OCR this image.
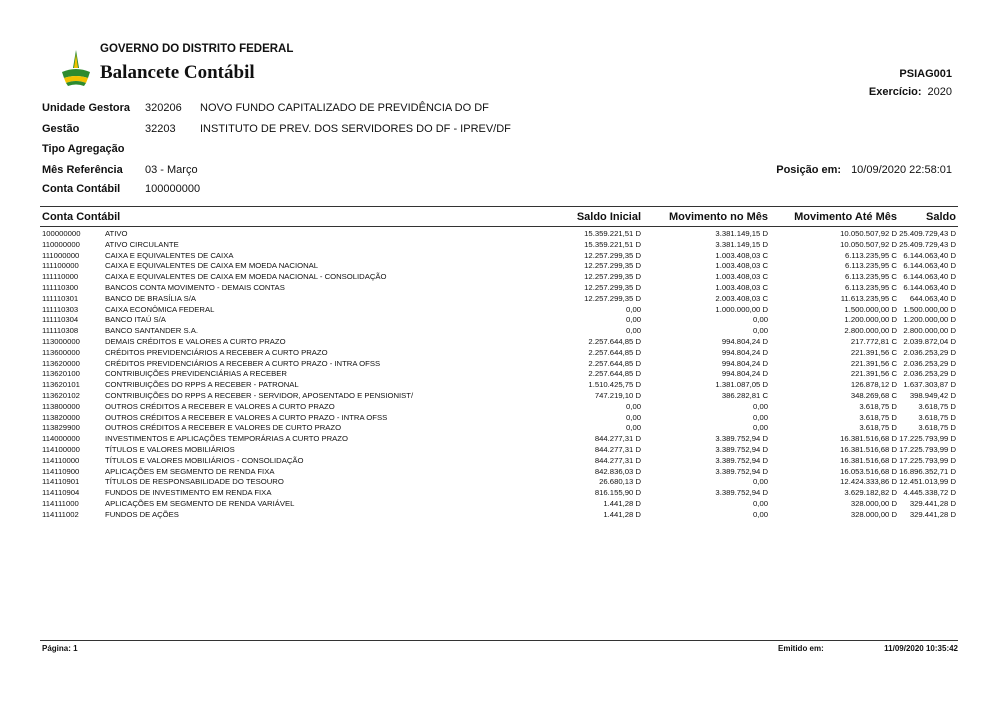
GOVERNO DO DISTRITO FEDERAL
Balancete Contábil	PSIAG001
Exercício: 2020
Unidade Gestora 320206 NOVO FUNDO CAPITALIZADO DE PREVIDÊNCIA DO DF
Gestão	32203 INSTITUTO DE PREV. DOS SERVIDORES DO DF - IPREV/DF
Tipo Agregação
Mês Referência 03 - Março	Posição em: 10/09/2020 22:58:01
Conta Contábil 100000000
Conta Contábil	Saldo Inicial	Movimento no Mês	Movimento Até Mês	Saldo
100000000	ATIVO	15.359.221,51 D	3.381.149,15 D	10.050.507,92 D	25.409.729,43 D
110000000	ATIVO CIRCULANTE	15.359.221,51 D	3.381.149,15 D	10.050.507,92 D	25.409.729,43 D
111000000	CAIXA E EQUIVALENTES DE CAIXA	12.257.299,35 D	1.003.408,03 C	6.113.235,95 C	6.144.063,40 D
111100000	CAIXA E EQUIVALENTES DE CAIXA EM MOEDA NACIONAL	12.257.299,35 D	1.003.408,03 C	6.113.235,95 C	6.144.063,40 D
111110000	CAIXA E EQUIVALENTES DE CAIXA EM MOEDA NACIONAL - CONSOLIDAÇÃO	12.257.299,35 D	1.003.408,03 C	6.113.235,95 C	6.144.063,40 D
111110300	BANCOS CONTA MOVIMENTO - DEMAIS CONTAS	12.257.299,35 D	1.003.408,03 C	6.113.235,95 C	6.144.063,40 D
111110301	BANCO DE BRASÍLIA S/A	12.257.299,35 D	2.003.408,03 C	11.613.235,95 C	644.063,40 D
111110303	CAIXA ECONÔMICA FEDERAL	0,00	1.000.000,00 D	1.500.000,00 D	1.500.000,00 D
111110304	BANCO ITAÚ S/A	0,00	0,00	1.200.000,00 D	1.200.000,00 D
111110308	BANCO SANTANDER S.A.	0,00	0,00	2.800.000,00 D	2.800.000,00 D
113000000	DEMAIS CRÉDITOS E VALORES A CURTO PRAZO	2.257.644,85 D	994.804,24 D	217.772,81 C	2.039.872,04 D
113600000	CRÉDITOS PREVIDENCIÁRIOS A RECEBER A CURTO PRAZO	2.257.644,85 D	994.804,24 D	221.391,56 C	2.036.253,29 D
113620000	CRÉDITOS PREVIDENCIÁRIOS A RECEBER A CURTO PRAZO - INTRA OFSS	2.257.644,85 D	994.804,24 D	221.391,56 C	2.036.253,29 D
113620100	CONTRIBUIÇÕES PREVIDENCIÁRIAS A RECEBER	2.257.644,85 D	994.804,24 D	221.391,56 C	2.036.253,29 D
113620101	CONTRIBUIÇÕES DO RPPS A RECEBER - PATRONAL	1.510.425,75 D	1.381.087,05 D	126.878,12 D	1.637.303,87 D
113620102	CONTRIBUIÇÕES DO RPPS A RECEBER - SERVIDOR, APOSENTADO E PENSIONIST/	747.219,10 D	386.282,81 C	348.269,68 C	398.949,42 D
113800000	OUTROS CRÉDITOS A RECEBER E VALORES A CURTO PRAZO	0,00	0,00	3.618,75 D	3.618,75 D
113820000	OUTROS CRÉDITOS A RECEBER E VALORES A CURTO PRAZO - INTRA OFSS	0,00	0,00	3.618,75 D	3.618,75 D
113829900	OUTROS CRÉDITOS A RECEBER E VALORES DE CURTO PRAZO	0,00	0,00	3.618,75 D	3.618,75 D
114000000	INVESTIMENTOS E APLICAÇÕES TEMPORÁRIAS A CURTO PRAZO	844.277,31 D	3.389.752,94 D	16.381.516,68 D	17.225.793,99 D
114100000	TÍTULOS E VALORES MOBILIÁRIOS	844.277,31 D	3.389.752,94 D	16.381.516,68 D	17.225.793,99 D
114110000	TÍTULOS E VALORES MOBILIÁRIOS - CONSOLIDAÇÃO	844.277,31 D	3.389.752,94 D	16.381.516,68 D	17.225.793,99 D
114110900	APLICAÇÕES EM SEGMENTO DE RENDA FIXA	842.836,03 D	3.389.752,94 D	16.053.516,68 D	16.896.352,71 D
114110901	TÍTULOS DE RESPONSABILIDADE DO TESOURO	26.680,13 D	0,00	12.424.333,86 D	12.451.013,99 D
114110904	FUNDOS DE INVESTIMENTO EM RENDA FIXA	816.155,90 D	3.389.752,94 D	3.629.182,82 D	4.445.338,72 D
114111000	APLICAÇÕES EM SEGMENTO DE RENDA VARIÁVEL	1.441,28 D	0,00	328.000,00 D	329.441,28 D
114111002	FUNDOS DE AÇÕES	1.441,28 D	0,00	328.000,00 D	329.441,28 D
Página: 1	Emitido em:	11/09/2020 10:35:42
